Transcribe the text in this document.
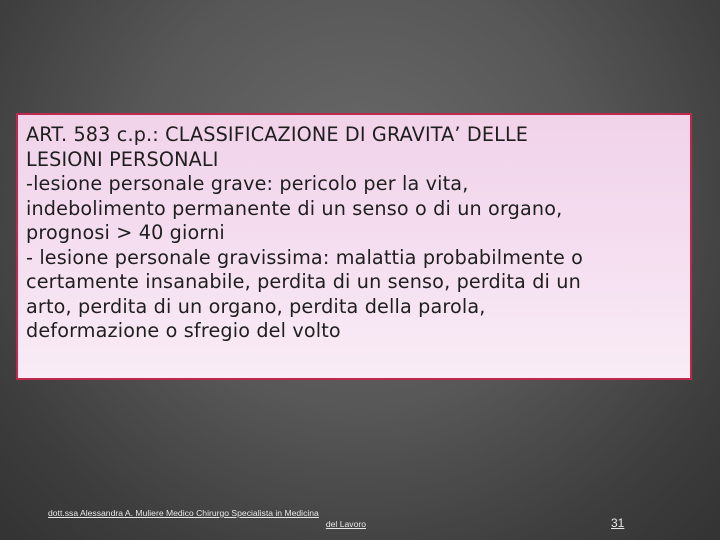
ART. 583 c.p.: CLASSIFICAZIONE DI GRAVITA’ DELLE
LESIONI PERSONALI
-lesione personale grave: pericolo per la vita,
indebolimento permanente di un senso o di un organo,
prognosi > 40 giorni
- lesione personale gravissima: malattia probabilmente o
certamente insanabile, perdita di un senso, perdita di un
arto, perdita di un organo, perdita della parola,
deformazione o sfregio del volto

dott.ssa Alessandra A. Muliere Medico Chirurgo Specialista in Medicina
del Lavoro	31
